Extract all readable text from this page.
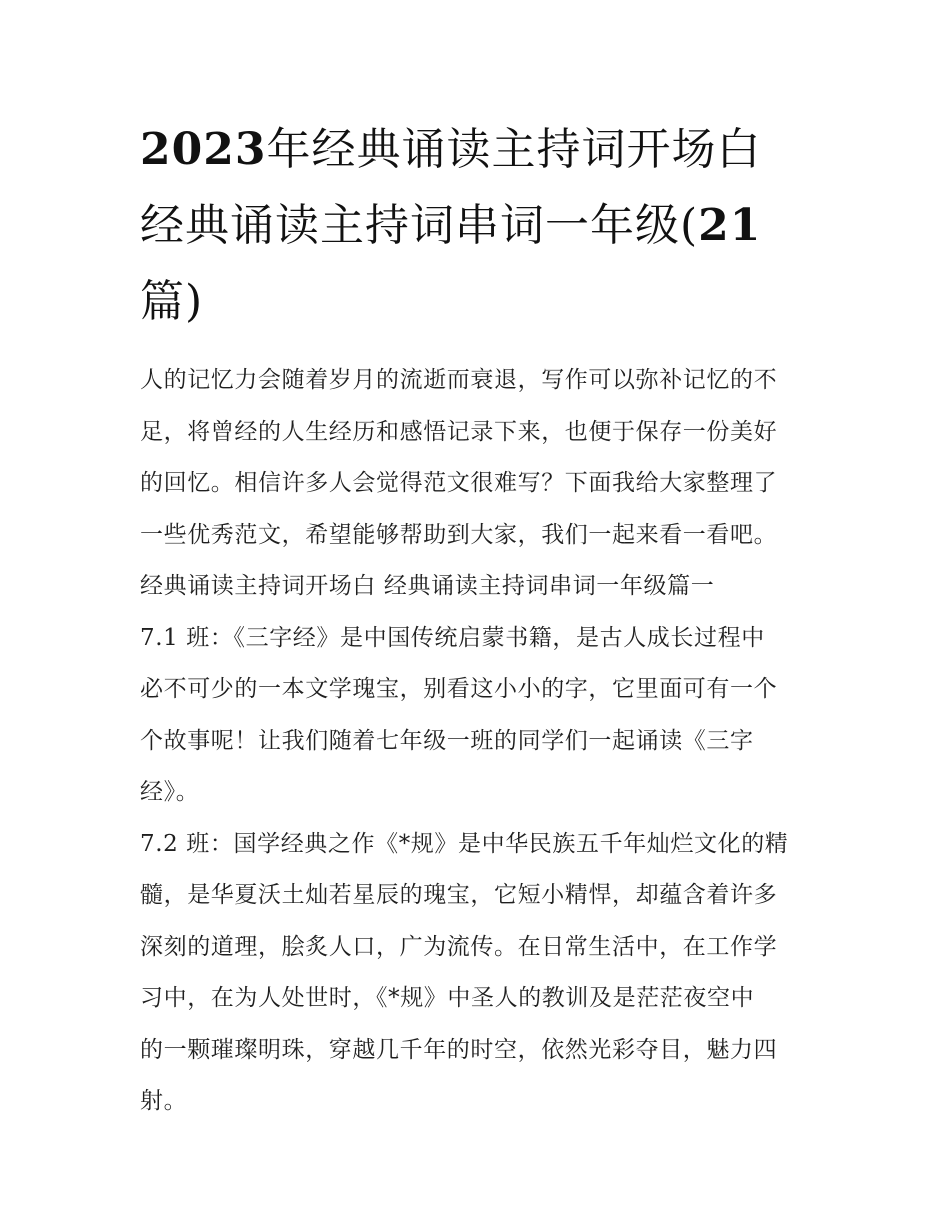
2023年经典诵读主持词开场白
经典诵读主持词串词一年级(21
篇)
人的记忆力会随着岁月的流逝而衰退，写作可以弥补记忆的不
足，将曾经的人生经历和感悟记录下来，也便于保存一份美好
的回忆。相信许多人会觉得范文很难写？下面我给大家整理了
一些优秀范文，希望能够帮助到大家，我们一起来看一看吧。
经典诵读主持词开场白 经典诵读主持词串词一年级篇一
7.1 班：《三字经》是中国传统启蒙书籍，是古人成长过程中
必不可少的一本文学瑰宝，别看这小小的字，它里面可有一个
个故事呢！让我们随着七年级一班的同学们一起诵读《三字
经》。
7.2 班：国学经典之作《*规》是中华民族五千年灿烂文化的精
髓，是华夏沃土灿若星辰的瑰宝，它短小精悍，却蕴含着许多
深刻的道理，脍炙人口，广为流传。在日常生活中，在工作学
习中，在为人处世时，《*规》中圣人的教训及是茫茫夜空中
的一颗璀璨明珠，穿越几千年的时空，依然光彩夺目，魅力四
射。
